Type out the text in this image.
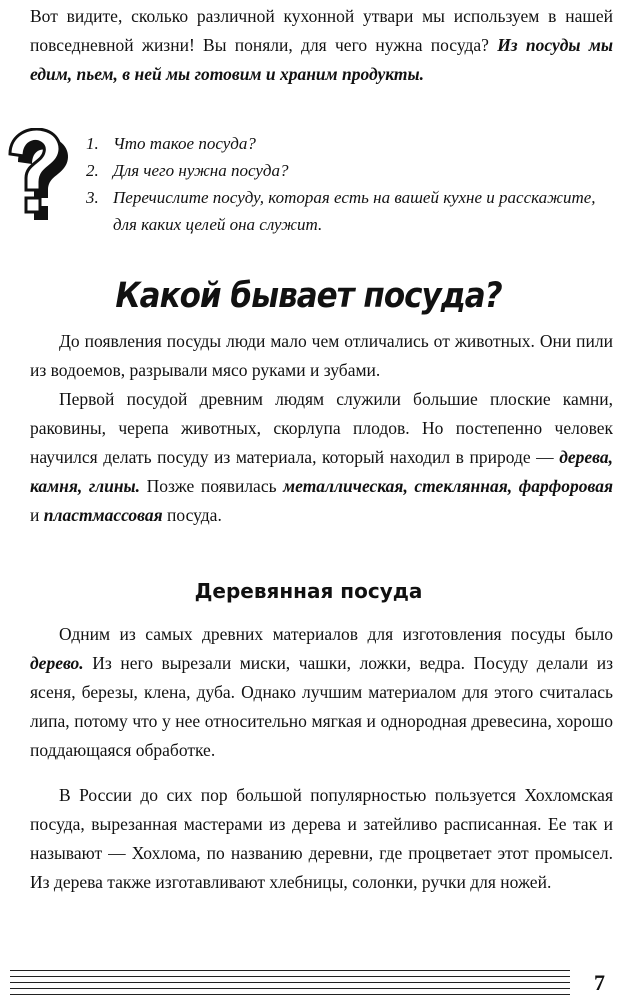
Вот видите, сколько различной кухонной утвари мы используем в нашей повседневной жизни! Вы поняли, для чего нужна посуда? Из посуды мы едим, пьем, в ней мы готовим и храним продукты.

1. Что такое посуда?
2. Для чего нужна посуда?
3. Перечислите посуду, которая есть на вашей кухне и расскажите, для каких целей она служит.
Какой бывает посуда?

До появления посуды люди мало чем отличались от животных. Они пили из водоемов, разрывали мясо руками и зубами.

Первой посудой древним людям служили большие плоские камни, раковины, черепа животных, скорлупа плодов. Но постепенно человек научился делать посуду из материала, который находил в природе — дерева, камня, глины. Позже появилась металлическая, стеклянная, фарфоровая и пластмассовая посуда.

Деревянная посуда

Одним из самых древних материалов для изготовления посуды было дерево. Из него вырезали миски, чашки, ложки, ведра. Посуду делали из ясеня, березы, клена, дуба. Однако лучшим материалом для этого считалась липа, потому что у нее относительно мягкая и однородная древесина, хорошо поддающаяся обработке.

В России до сих пор большой популярностью пользуется Хохломская посуда, вырезанная мастерами из дерева и затейливо расписанная. Ее так и называют — Хохлома, по названию деревни, где процветает этот промысел. Из дерева также изготавливают хлебницы, солонки, ручки для ножей.

7
